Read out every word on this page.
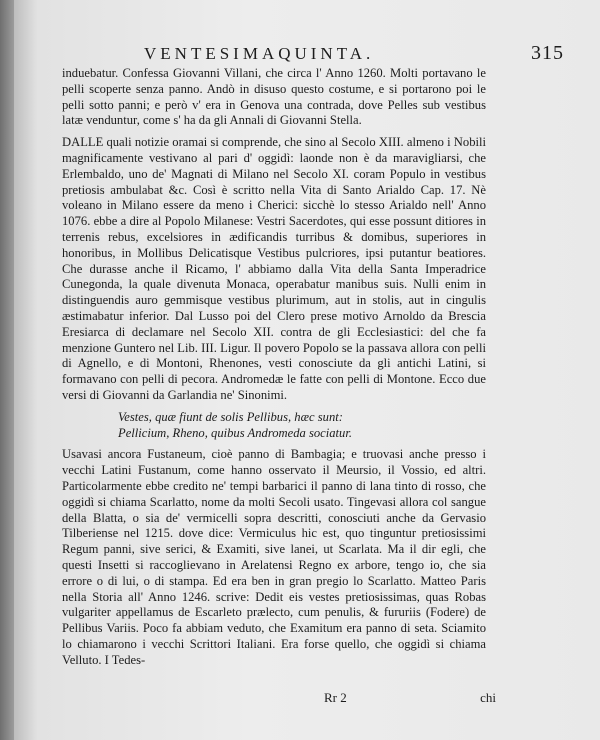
VENTESIMAQUINTA.	315

induebatur. Confessa Giovanni Villani, che circa l' Anno 1260. Molti portavano le pelli scoperte senza panno. Andò in disuso questo costume, e si portarono poi le pelli sotto panni; e però v' era in Genova una contrada, dove Pelles sub vestibus latæ venduntur, come s' ha da gli Annali di Giovanni Stella.

DALLE quali notizie oramai si comprende, che sino al Secolo XIII. almeno i Nobili magnificamente vestivano al pari d' oggidì: laonde non è da maravigliarsi, che Erlembaldo, uno de' Magnati di Milano nel Secolo XI. coram Populo in vestibus pretiosis ambulabat &c. Così è scritto nella Vita di Santo Arialdo Cap. 17. Nè voleano in Milano essere da meno i Cherici: sicchè lo stesso Arialdo nell' Anno 1076. ebbe a dire al Popolo Milanese: Vestri Sacerdotes, qui esse possunt ditiores in terrenis rebus, excelsiores in ædificandis turribus & domibus, superiores in honoribus, in Mollibus Delicatisque Vestibus pulcriores, ipsi putantur beatiores. Che durasse anche il Ricamo, l' abbiamo dalla Vita della Santa Imperadrice Cunegonda, la quale divenuta Monaca, operabatur manibus suis. Nulli enim in distinguendis auro gemmisque vestibus plurimum, aut in stolis, aut in cingulis æstimabatur inferior. Dal Lusso poi del Clero prese motivo Arnoldo da Brescia Eresiarca di declamare nel Secolo XII. contra de gli Ecclesiastici: del che fa menzione Guntero nel Lib. III. Ligur. Il povero Popolo se la passava allora con pelli di Agnello, e di Montoni, Rhenones, vesti conosciute da gli antichi Latini, si formavano con pelli di pecora. Andromedæ le fatte con pelli di Montone. Ecco due versi di Giovanni da Garlandia ne' Sinonimi.

Vestes, quæ fiunt de solis Pellibus, hæc sunt:
Pellicium, Rheno, quibus Andromeda sociatur.

Usavasi ancora Fustaneum, cioè panno di Bambagia; e truovasi anche presso i vecchi Latini Fustanum, come hanno osservato il Meursio, il Vossio, ed altri. Particolarmente ebbe credito ne' tempi barbarici il panno di lana tinto di rosso, che oggidì si chiama Scarlatto, nome da molti Secoli usato. Tingevasi allora col sangue della Blatta, o sia de' vermicelli sopra descritti, conosciuti anche da Gervasio Tilberiense nel 1215. dove dice: Vermiculus hic est, quo tinguntur pretiosissimi Regum panni, sive serici, & Examiti, sive lanei, ut Scarlata. Ma il dir egli, che questi Insetti si raccoglievano in Arelatensi Regno ex arbore, tengo io, che sia errore o di lui, o di stampa. Ed era ben in gran pregio lo Scarlatto. Matteo Paris nella Storia all' Anno 1246. scrive: Dedit eis vestes pretiosissimas, quas Robas vulgariter appellamus de Escarleto prælecto, cum penulis, & fururiis (Fodere) de Pellibus Variis. Poco fa abbiam veduto, che Examitum era panno di seta. Sciamito lo chiamarono i vecchi Scrittori Italiani. Era forse quello, che oggidì si chiama Velluto. I Tedes-

Rr 2	chi
